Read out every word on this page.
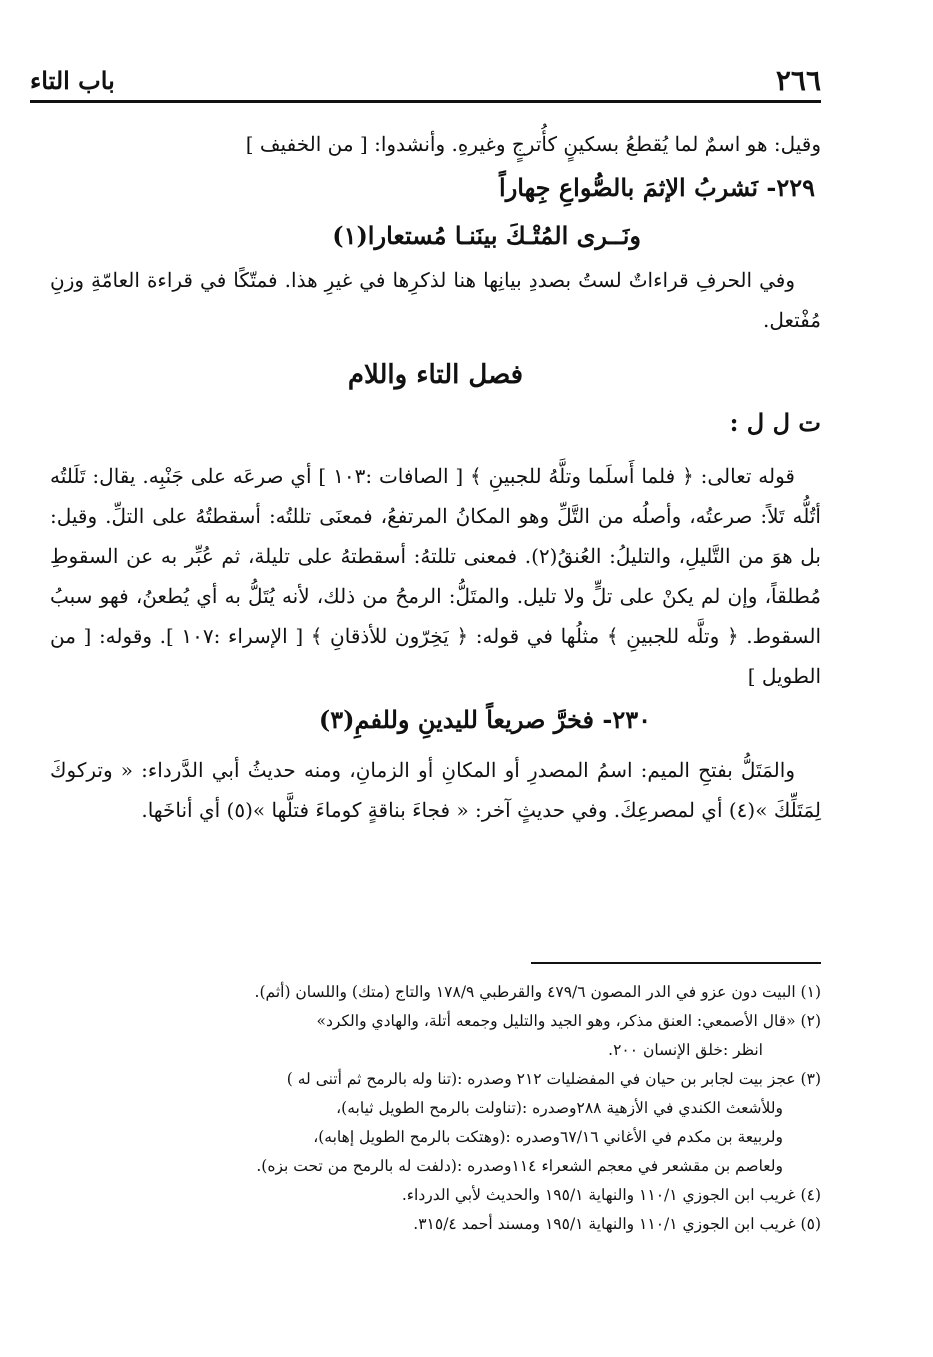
٢٦٦
باب التاء

وقيل: هو اسمٌ لما يُقطعُ بسكينٍ كأُترجٍ وغيرهِ. وأنشدوا: [ من الخفيف ]

٢٢٩- نَشربُ الإثمَ بالصُّواعِ جِهاراً

ونَــرى المُتْـكَ بينَنـا مُستعارا(١)

وفي الحرفِ قراءاتٌ لستُ بصددِ بيانِها هنا لذكرِها في غيرِ هذا. فمتّكًا في قراءة العامّةِ وزنِ مُفْتعل.

فصل التاء واللام

ت ل ل :

قوله تعالى: ﴿ فلما أَسلَما وتلَّهُ للجبينِ ﴾ [ الصافات :١٠٣ ] أي صرعَه على جَنْبِه. يقال: تَلَلتُه أتُلُّه تَلاً: صرعتُه، وأصلُه من التَّلِّ وهو المكانُ المرتفعُ، فمعنَى تللتُه: أسقطتُهُ على التلِّ. وقيل: بل هوَ من التَّليلِ، والتليلُ: العُنقُ(٢). فمعنى تللتهُ: أسقطتهُ على تليلة، ثم عُبِّر به عن السقوطِ مُطلقاً، وإن لم يكنْ على تلٍّ ولا تليل. والمتَلُّ: الرمحُ من ذلك، لأنه يُتَلُّ به أي يُطعنُ، فهو سببُ السقوط. ﴿ وتلَّه للجبينِ ﴾ مثلُها في قوله: ﴿ يَخِرّون للأذقانِ ﴾ [ الإسراء :١٠٧ ]. وقوله: [ من الطويل ]

٢٣٠- فخرَّ صريعاً لليدينِ وللفمِ(٣)

والمَتَلُّ بفتحِ الميم: اسمُ المصدرِ أو المكانِ أو الزمانِ، ومنه حديثُ أبي الدَّرداء: « وتركوكَ لِمَتَلِّكَ »(٤) أي لمصرعِكَ. وفي حديثٍ آخر: « فجاءَ بناقةٍ كوماءَ فتلَّها »(٥) أي أناخَها.

(١) البيت دون عزو في الدر المصون ٤٧٩/٦ والقرطبي ١٧٨/٩ والتاج (متك) واللسان (أثم).

(٢) «قال الأصمعي: العنق مذكر، وهو الجيد والتليل وجمعه أتلة، والهادي والكرد»

انظر :خلق الإنسان ٢٠٠.

(٣) عجز بيت لجابر بن حيان في المفضليات ٢١٢ وصدره :(تنا وله بالرمح ثم أتنى له )

وللأشعث الكندي في الأزهية ٢٨٨وصدره :(تناولت بالرمح الطويل ثيابه)،

ولربيعة بن مكدم في الأغاني ٦٧/١٦وصدره :(وهتكت بالرمح الطويل إهابه)،

ولعاصم بن مقشعر في معجم الشعراء ١١٤وصدره :(دلفت له بالرمح من تحت بزه).

(٤) غريب ابن الجوزي ١١٠/١ والنهاية ١٩٥/١ والحديث لأبي الدرداء.

(٥) غريب ابن الجوزي ١١٠/١ والنهاية ١٩٥/١ ومسند أحمد ٣١٥/٤.
